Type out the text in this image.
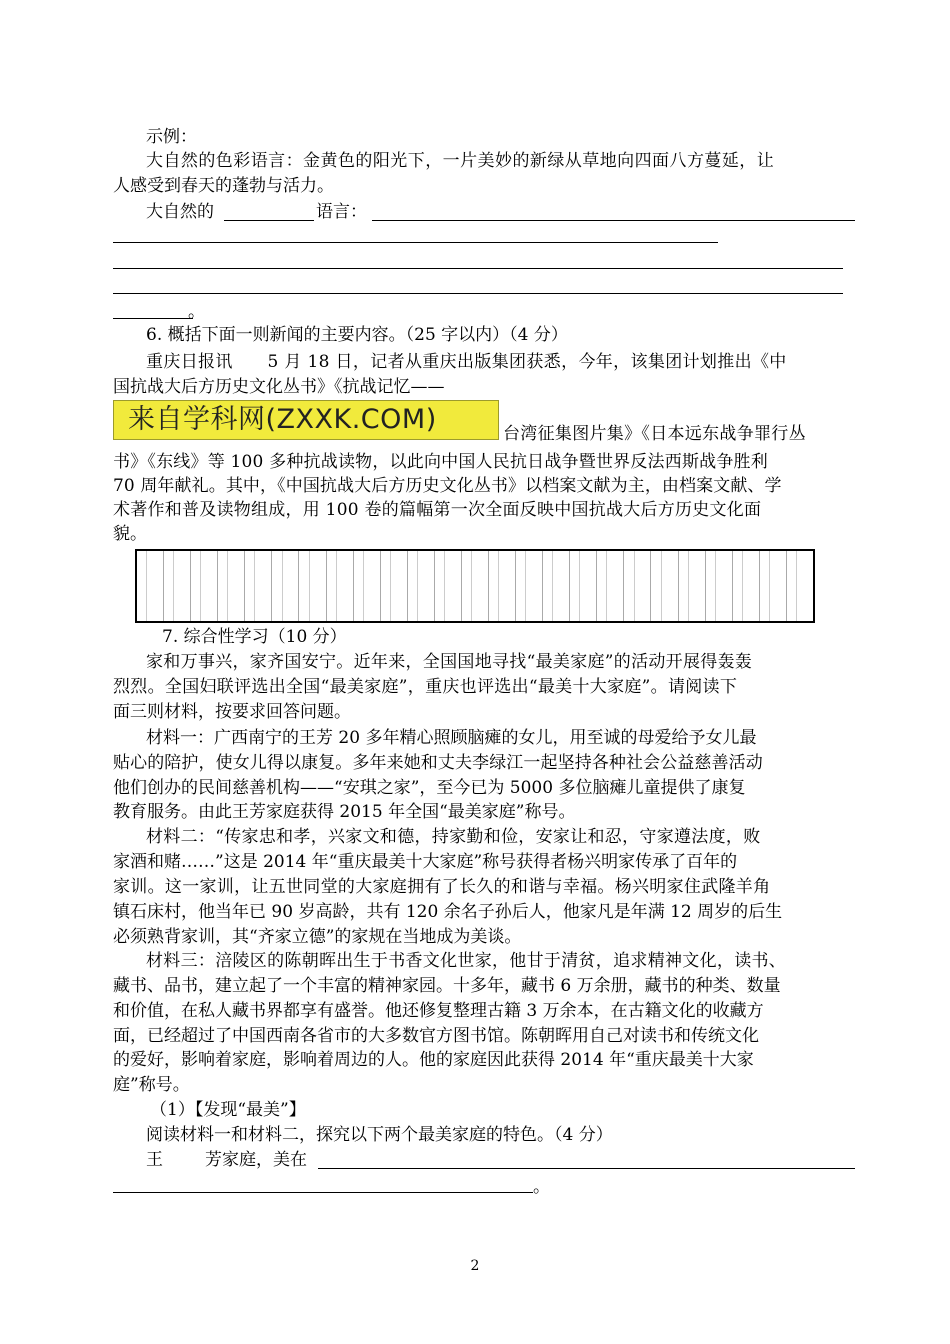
示例：
大自然的色彩语言：金黄色的阳光下，一片美妙的新绿从草地向四面八方蔓延，让
人感受到春天的蓬勃与活力。
大自然的	语言：
。
6. 概括下面一则新闻的主要内容。（25 字以内）（4 分）
重庆日报讯　　5 月 18 日，记者从重庆出版集团获悉，今年，该集团计划推出《中
国抗战大后方历史文化丛书》《抗战记忆——
来自学科网(ZXXK.COM)	台湾征集图片集》《日本远东战争罪行丛
书》《东线》等 100 多种抗战读物，以此向中国人民抗日战争暨世界反法西斯战争胜利
70 周年献礼。其中，《中国抗战大后方历史文化丛书》以档案文献为主，由档案文献、学
术著作和普及读物组成，用 100 卷的篇幅第一次全面反映中国抗战大后方历史文化面
貌。
7. 综合性学习（10 分）
家和万事兴，家齐国安宁。近年来，全国国地寻找“最美家庭”的活动开展得轰轰
烈烈。全国妇联评选出全国“最美家庭”，重庆也评选出“最美十大家庭”。请阅读下
面三则材料，按要求回答问题。
材料一：广西南宁的王芳 20 多年精心照顾脑瘫的女儿，用至诚的母爱给予女儿最
贴心的陪护，使女儿得以康复。多年来她和丈夫李绿江一起坚持各种社会公益慈善活动
他们创办的民间慈善机构——“安琪之家”，至今已为 5000 多位脑瘫儿童提供了康复
教育服务。由此王芳家庭获得 2015 年全国“最美家庭”称号。
材料二：“传家忠和孝，兴家文和德，持家勤和俭，安家让和忍，守家遵法度，败
家酒和赌……”这是 2014 年“重庆最美十大家庭”称号获得者杨兴明家传承了百年的
家训。这一家训，让五世同堂的大家庭拥有了长久的和谐与幸福。杨兴明家住武隆羊角
镇石床村，他当年已 90 岁高龄，共有 120 余名子孙后人，他家凡是年满 12 周岁的后生
必须熟背家训，其“齐家立德”的家规在当地成为美谈。
材料三：涪陵区的陈朝晖出生于书香文化世家，他甘于清贫，追求精神文化，读书、
藏书、品书，建立起了一个丰富的精神家园。十多年，藏书 6 万余册，藏书的种类、数量
和价值，在私人藏书界都享有盛誉。他还修复整理古籍 3 万余本，在古籍文化的收藏方
面，已经超过了中国西南各省市的大多数官方图书馆。陈朝晖用自己对读书和传统文化
的爱好，影响着家庭，影响着周边的人。他的家庭因此获得 2014 年“重庆最美十大家
庭”称号。
（1）【发现“最美”】
阅读材料一和材料二，探究以下两个最美家庭的特色。（4 分）
王 芳家庭，美在
。
2
